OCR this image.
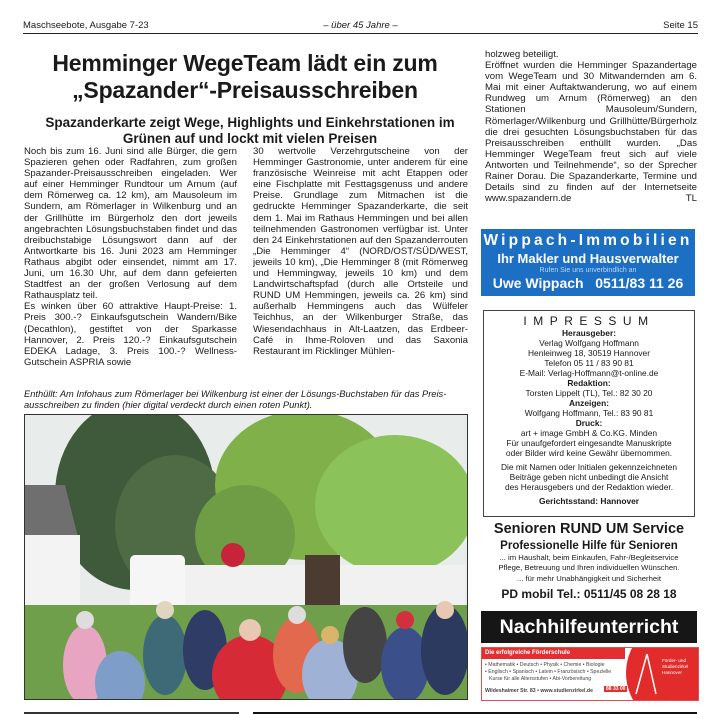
Maschseebote, Ausgabe 7-23	– über 45 Jahre –	Seite 15
Hemminger WegeTeam lädt ein zum
„Spazander“-Preisausschreiben
Spazanderkarte zeigt Wege, Highlights und Einkehrstationen im
Grünen auf und lockt mit vielen Preisen

Noch bis zum 16. Juni sind alle Bürger, die gern Spazieren gehen oder Radfahren, zum großen Spazander-Preisausschreiben eingeladen. Wer auf einer Hemminger Rundtour um Arnum (auf dem Römerweg ca. 12 km), am Mausoleum im Sundern, am Römerlager in Wilkenburg und an der Grillhütte im Bürgerholz den dort jeweils angebrachten Lösungsbuchstaben findet und das dreibuchstabige Lösungswort dann auf der Antwortkarte bis 16. Juni 2023 am Hemminger Rathaus abgibt oder einsendet, nimmt am 17. Juni, um 16.30 Uhr, auf dem dann gefeierten Stadtfest an der großen Verlosung auf dem Rathausplatz teil.

Es winken über 60 attraktive Haupt-Preise: 1. Preis 300.-? Einkaufsgutschein Wandern/Bike (Decathlon), gestiftet von der Sparkasse Hannover, 2. Preis 120.-? Einkaufsgutschein EDEKA Ladage, 3. Preis 100.-? Wellness-Gutschein ASPRIA sowie

30 wertvolle Verzehrgutscheine von der Hemminger Gastronomie, unter anderem für eine französische Weinreise mit acht Etappen oder eine Fischplatte mit Festtagsgenuss und andere Preise. Grundlage zum Mitmachen ist die gedruckte Hemminger Spazanderkarte, die seit dem 1. Mai im Rathaus Hemmingen und bei allen teilnehmenden Gastronomen verfügbar ist. Unter den 24 Einkehrstationen auf den Spazanderrouten „Die Hemminger 4“ (NORD/OST/SÜD/WEST, jeweils 10 km), „Die Hemminger 8 (mit Römerweg und Hemmingway, jeweils 10 km) und dem Landwirtschaftspfad (durch alle Ortsteile und RUND UM Hemmingen, jeweils ca. 26 km) sind außerhalb Hemmingens auch das Wülfeler Teichhus, an der Wilkenburger Straße, das Wiesendachhaus in Alt-Laatzen, das Erdbeer-Café in Ihme-Roloven und das Saxonia Restaurant im Ricklinger Mühlen-

holzweg beteiligt.

Eröffnet wurden die Hemminger Spazandertage vom WegeTeam und 30 Mitwandernden am 6. Mai mit einer Auftaktwanderung, wo auf einem Rundweg um Arnum (Römerweg) an den Stationen Mausoleum/Sundern, Römerlager/Wilkenburg und Grillhütte/Bürgerholz die drei gesuchten Lösungsbuchstaben für das Preisausschreiben enthüllt wurden. „Das Hemminger WegeTeam freut sich auf viele Antworten und Teilnehmende“, so der Sprecher Rainer Dorau. Die Spazanderkarte, Termine und Details sind zu finden auf der Internetseite www.spazandern.de	TL

Enthüllt: Am Infohaus zum Römerlager bei Wilkenburg ist einer der Lösungs-Buchstaben für das Preisausschreiben zu finden (hier digital verdeckt durch einen roten Punkt).
Wippach-Immobilien
Ihr Makler und Hausverwalter
Rufen Sie uns unverbindlich an
Uwe Wippach   0511/83 11 26
IMPRESSUM
Herausgeber:
Verlag Wolfgang Hoffmann
Henleinweg 18, 30519 Hannover
Telefon 05 11 / 83 90 81
E-Mail: Verlag-Hoffmann@t-online.de
Redaktion:
Torsten Lippelt (TL), Tel.: 82 30 20
Anzeigen:
Wolfgang Hoffmann, Tel.: 83 90 81
Druck:
art + image GmbH & Co.KG. Minden
Für unaufgefordert eingesandte Manuskripte
oder Bilder wird keine Gewähr übernommen.
Die mit Namen oder Initialen gekennzeichneten
Beiträge geben nicht unbedingt die Ansicht
des Herausgebers und der Redaktion wieder.
Gerichtsstand: Hannover
Senioren RUND UM Service
Professionelle Hilfe für Senioren
... im Haushalt, beim Einkaufen, Fahr-/Begleitservice
Pflege, Betreuung und Ihren individuellen Wünschen.
... für mehr Unabhängigkeit und Sicherheit
PD mobil Tel.: 0511/45 08 28 18
Nachhilfeunterricht
Förder- und Studienzirkel Hannover
Die erfolgreiche Förderschule
• Mathematik • Deutsch • Physik • Chemie • Biologie
• Englisch • Spanisch • Latein • Französisch • Spezielle
Kurse für alle Altersstufen • Abi-Vorbereitung
Wildeshaimer Str. 83 • www.studienzirkel.de	88 33 00
